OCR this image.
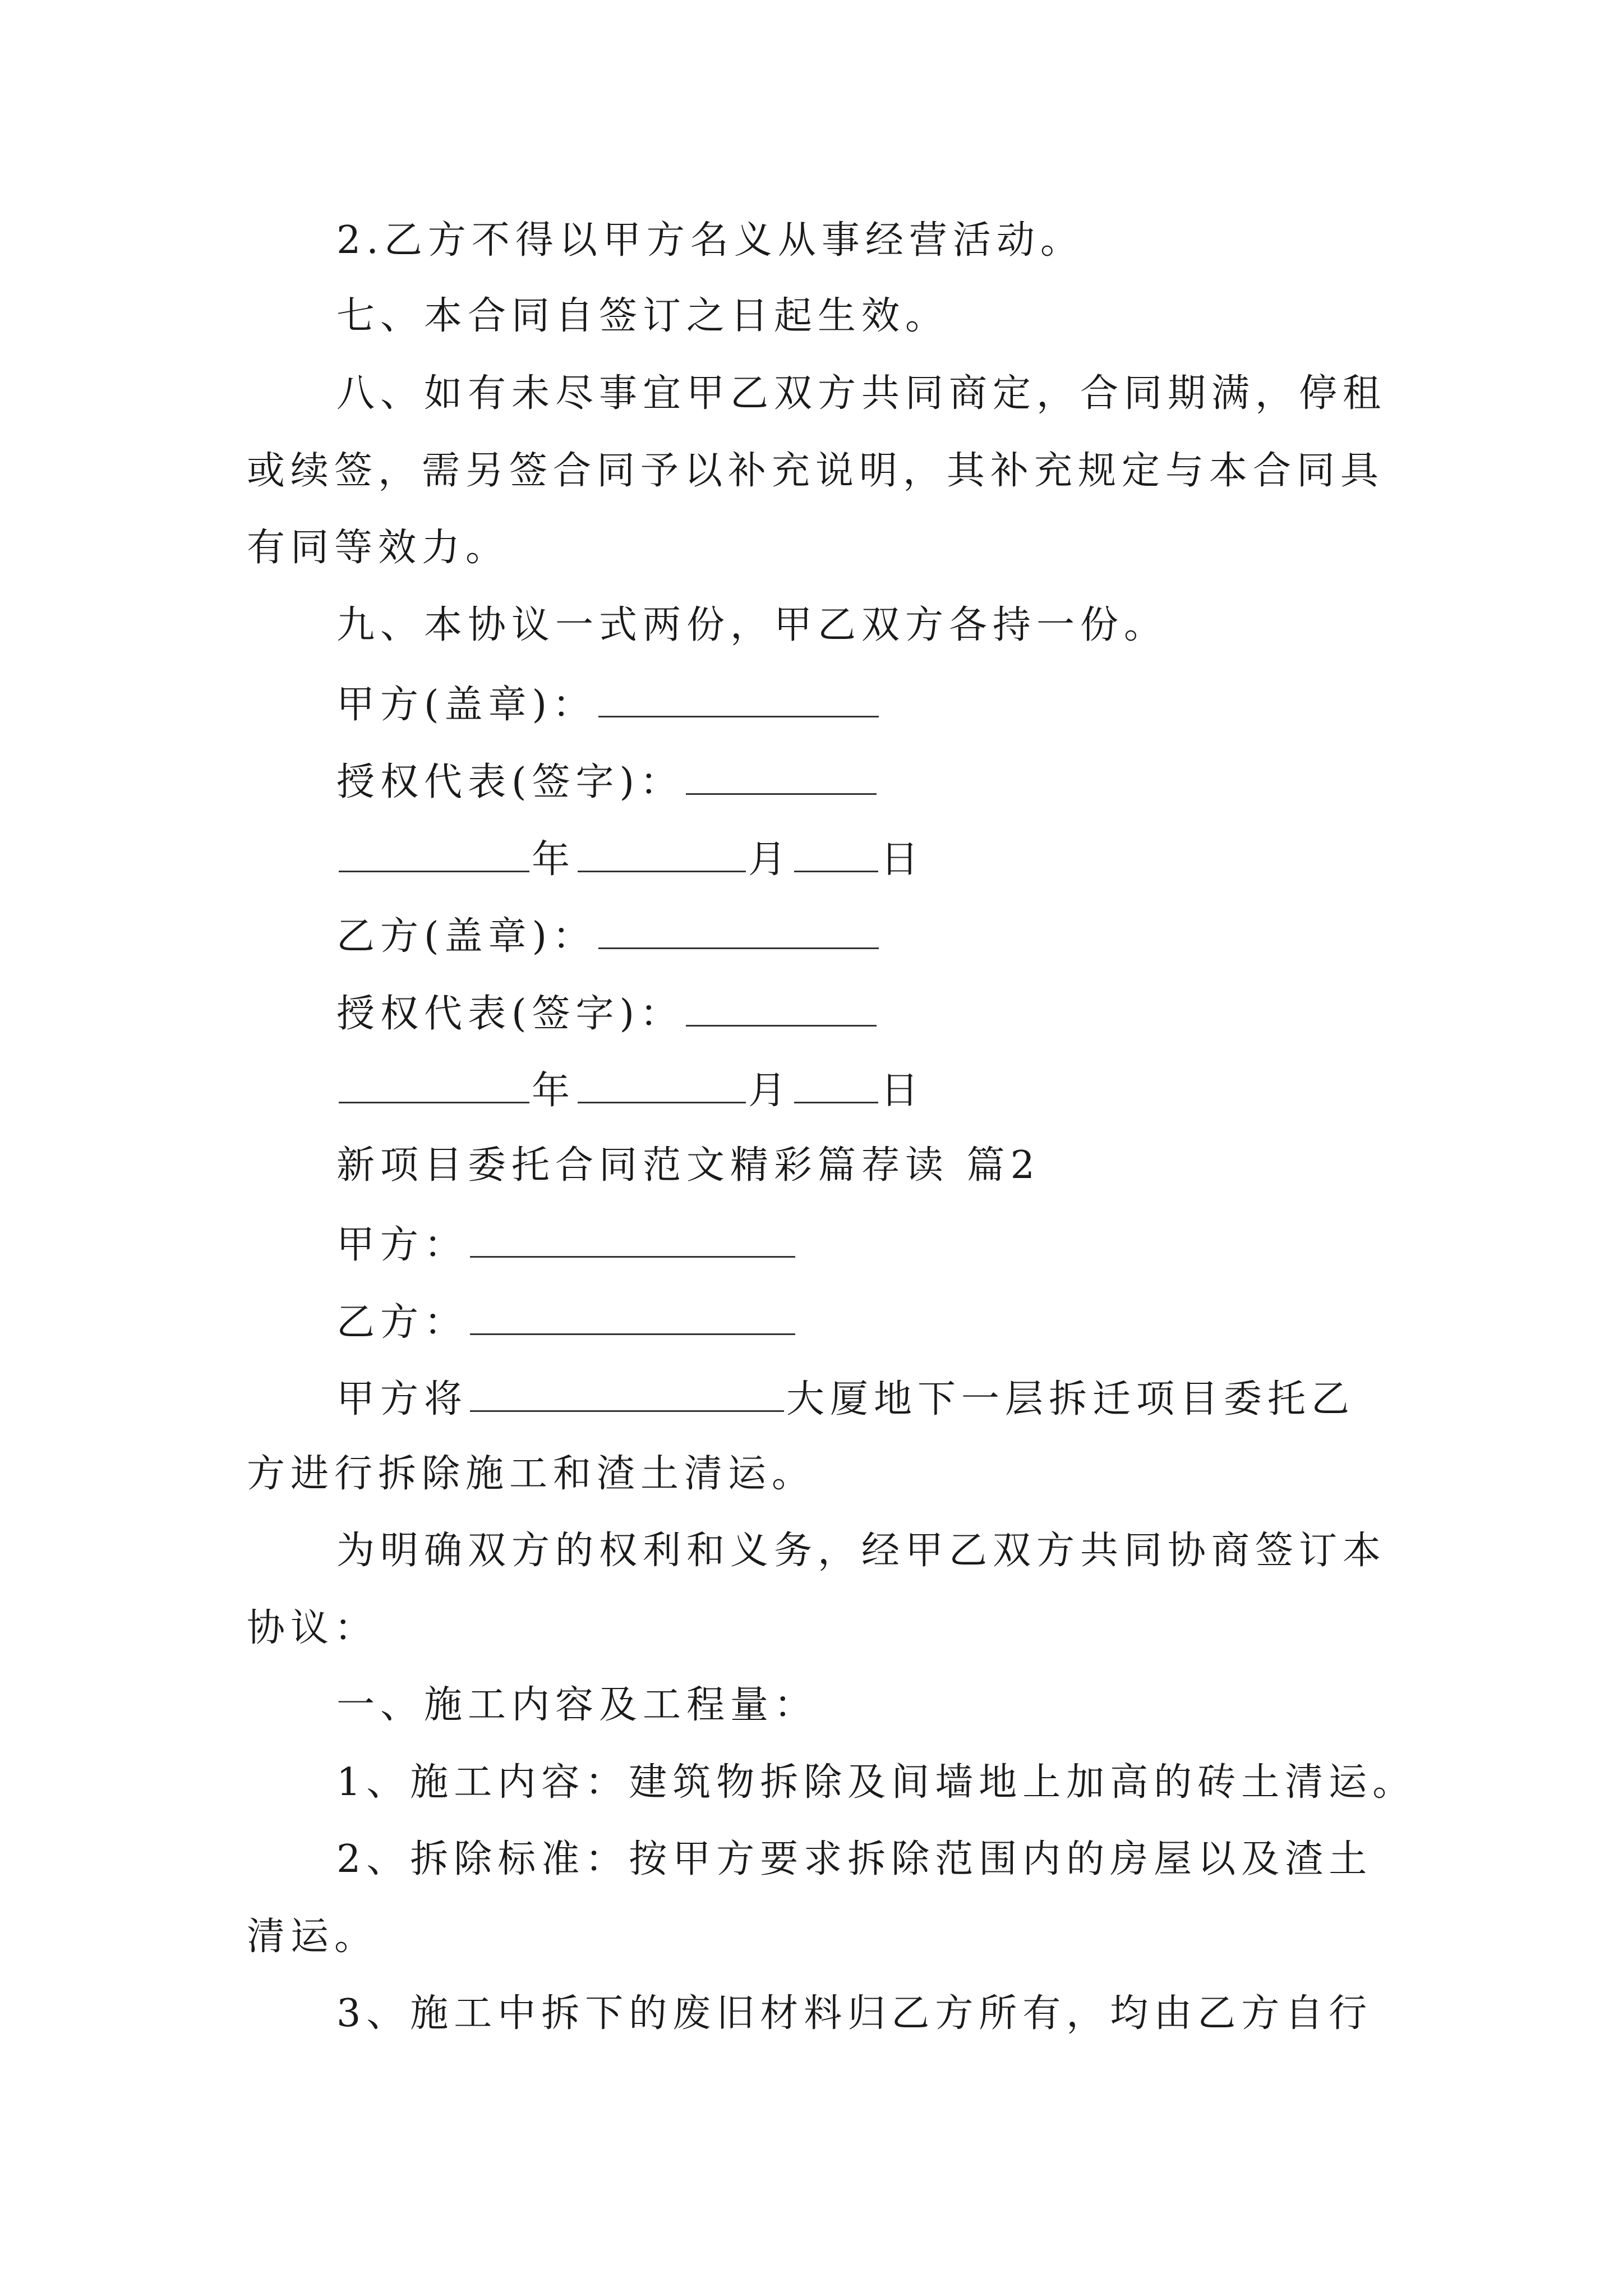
2.乙方不得以甲方名义从事经营活动。
七、本合同自签订之日起生效。
八、如有未尽事宜甲乙双方共同商定，合同期满，停租
或续签，需另签合同予以补充说明，其补充规定与本合同具
有同等效力。
九、本协议一式两份，甲乙双方各持一份。
甲方(盖章)：
授权代表(签字)：
年	月 日
乙方(盖章)：
授权代表(签字)：
年	月 日
新项目委托合同范文精彩篇荐读 篇2
甲方：
乙方：
甲方将	大厦地下一层拆迁项目委托乙
方进行拆除施工和渣土清运。
为明确双方的权利和义务，经甲乙双方共同协商签订本
协议：
一、施工内容及工程量：
1、施工内容：建筑物拆除及间墙地上加高的砖土清运。
2、拆除标准：按甲方要求拆除范围内的房屋以及渣土
清运。
3、施工中拆下的废旧材料归乙方所有，均由乙方自行
